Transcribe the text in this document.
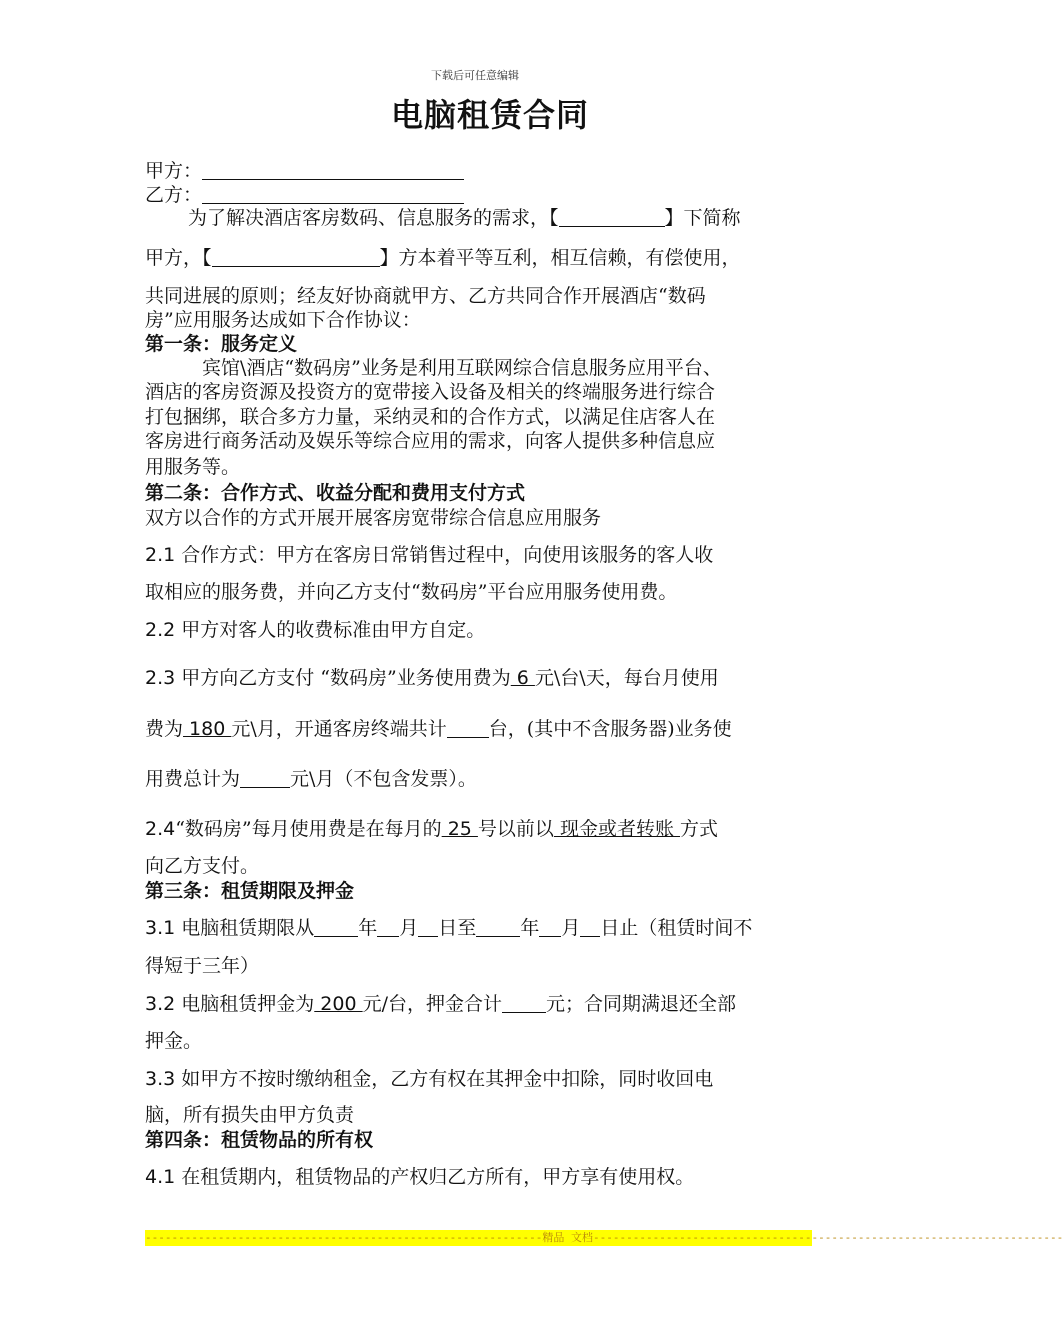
下载后可任意编辑
电脑租赁合同
甲方：
乙方：
为了解决酒店客房数码、信息服务的需求，【	】下简称
甲方，【	】方本着平等互利，相互信赖，有偿使用，
共同进展的原则；经友好协商就甲方、乙方共同合作开展酒店“数码
房”应用服务达成如下合作协议：
第一条：服务定义
宾馆\酒店“数码房”业务是利用互联网综合信息服务应用平台、
酒店的客房资源及投资方的宽带接入设备及相关的终端服务进行综合
打包捆绑，联合多方力量，采纳灵和的合作方式，以满足住店客人在
客房进行商务活动及娱乐等综合应用的需求，向客人提供多种信息应
用服务等。
第二条：合作方式、收益分配和费用支付方式
双方以合作的方式开展开展客房宽带综合信息应用服务
2.1 合作方式：甲方在客房日常销售过程中，向使用该服务的客人收
取相应的服务费，并向乙方支付“数码房”平台应用服务使用费。
2.2 甲方对客人的收费标准由甲方自定。
2.3 甲方向乙方支付 “数码房”业务使用费为 6 元\台\天，每台月使用
费为 180 元\月，开通客房终端共计 台，(其中不含服务器)业务使
用费总计为	元\月（不包含发票）。
2.4“数码房”每月使用费是在每月的 25 号以前以 现金或者转账 方式
向乙方支付。
第三条：租赁期限及押金
3.1 电脑租赁期限从 年 月 日至 年 月 日止（租赁时间不
得短于三年）
3.2 电脑租赁押金为 200 元/台，押金合计 元；合同期满退还全部
押金。
3.3 如甲方不按时缴纳租金，乙方有权在其押金中扣除，同时收回电
脑，所有损失由甲方负责
第四条：租赁物品的所有权
4.1 在租赁期内，租赁物品的产权归乙方所有，甲方享有使用权。
------------------------------------------------------------精品 文档-----------------------------------------------------------------------
